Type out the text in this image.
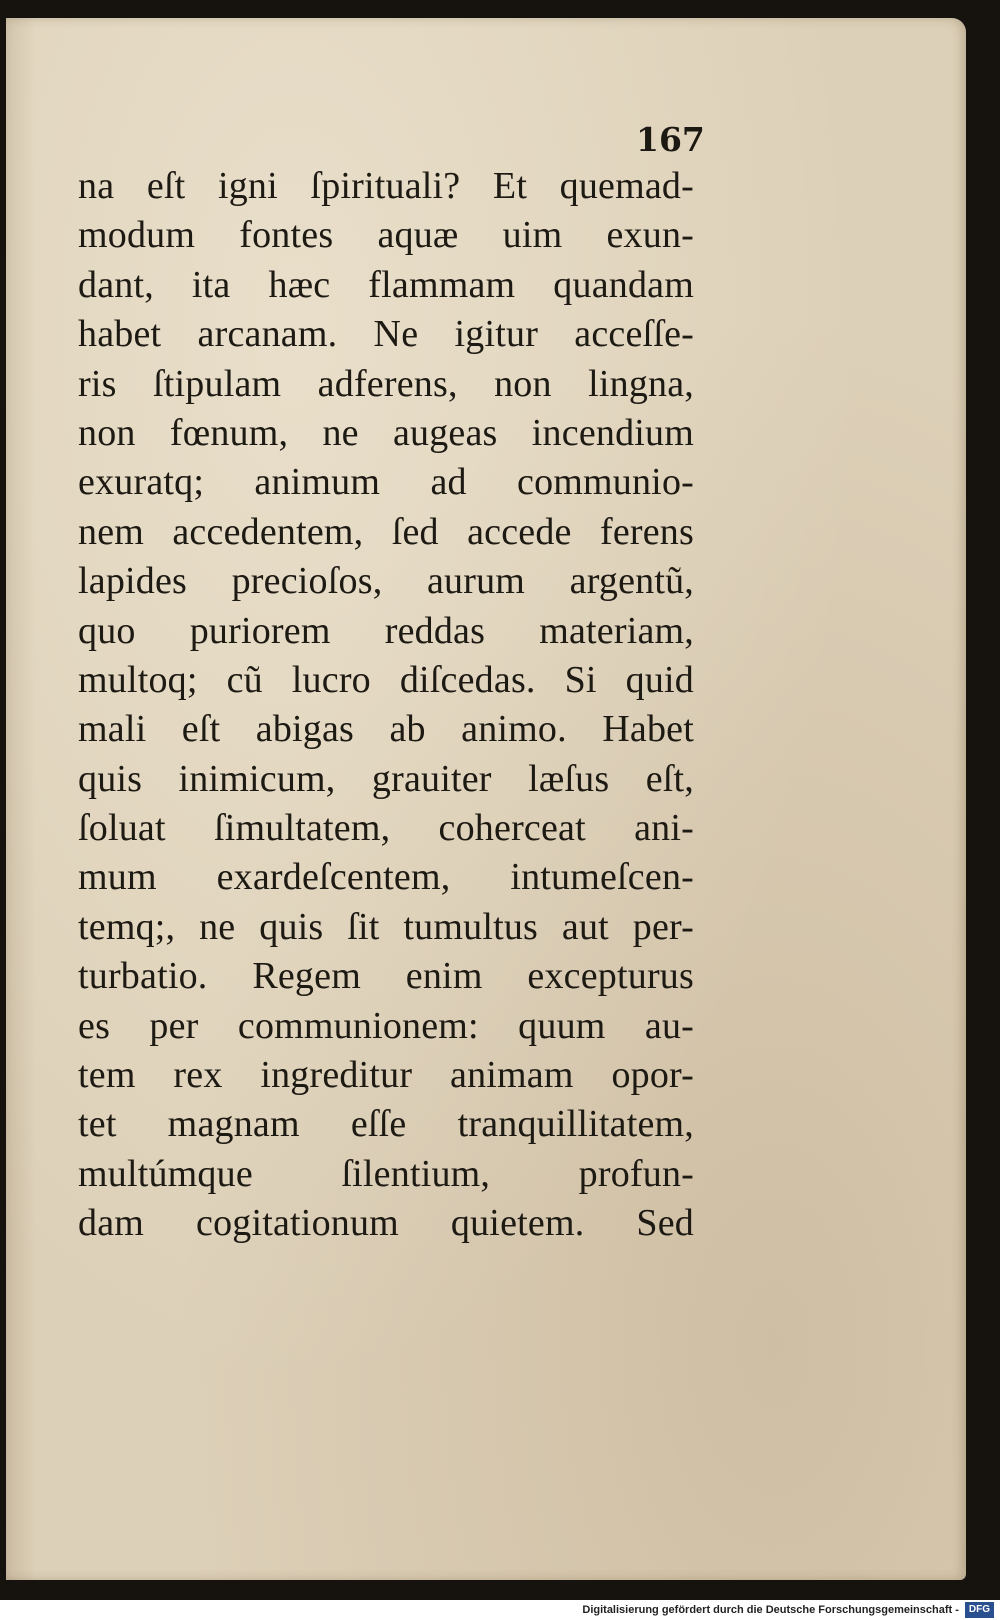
167
na eſt igni ſpirituali? Et quemad-
modum fontes aquæ uim exun-
dant, ita hæc flammam quandam
habet arcanam. Ne igitur acceſſe-
ris ſtipulam adferens, non lingna,
non fœnum, ne augeas incendium
exuratq; animum ad communio-
nem accedentem, ſed accede ferens
lapides precioſos, aurum argentũ,
quo puriorem reddas materiam,
multoq; cũ lucro diſcedas. Si quid
mali eſt abigas ab animo. Habet
quis inimicum, grauiter læſus eſt,
ſoluat ſimultatem, coherceat ani-
mum exardeſcentem, intumeſcen-
temq;, ne quis ſit tumultus aut per-
turbatio. Regem enim excepturus
es per communionem: quum au-
tem rex ingreditur animam opor-
tet magnam eſſe tranquillitatem,
multúmque ſilentium, profun-
dam cogitationum quietem. Sed
Digitalisierung gefördert durch die Deutsche Forschungsgemeinschaft -	DFG
